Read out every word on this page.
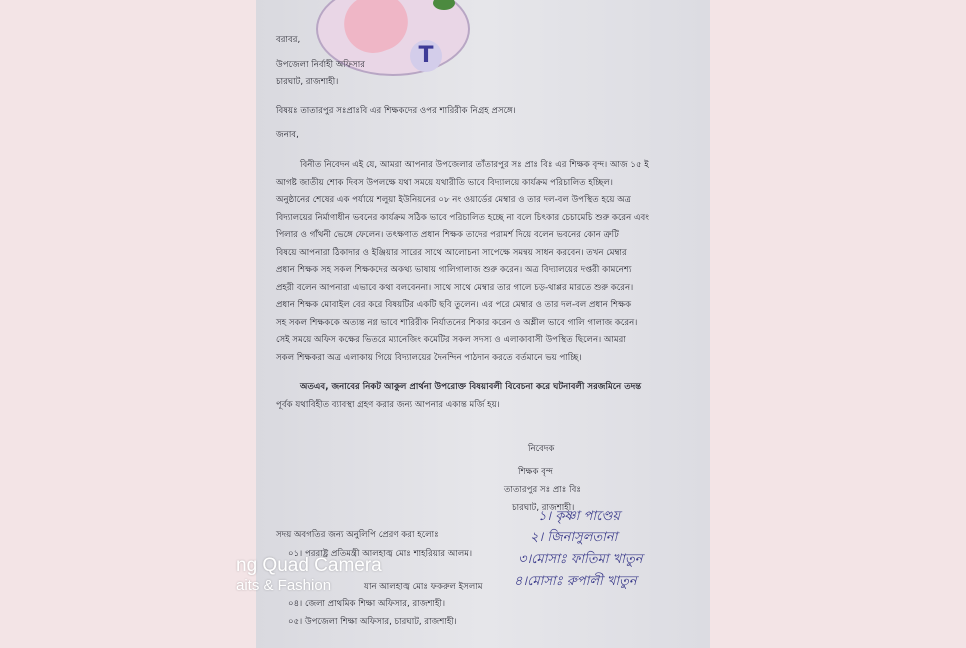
T
বরাবর,
উপজেলা নির্বাহী অফিসার
চারঘাট, রাজশাহী।
বিষয়ঃ তাতারপুর সঃপ্রাঃবি এর শিক্ষকদের ওপর শারিরীক নিগ্রহ প্রসঙ্গে।
জনাব,
বিনীত নিবেদন এই যে, আমরা আপনার উপজেলার তাঁতারপুর সঃ প্রাঃ বিঃ এর শিক্ষক বৃন্দ। আজ ১৫ ই
আগষ্ট জাতীয় শোক দিবস উপলক্ষে যথা সময়ে যথারীতি ভাবে বিদ্যালয়ে কার্যক্রম পরিচালিত হচ্ছিল।
অনুষ্ঠানের শেষের এক পর্যায়ে শলুয়া ইউনিয়নের ০৮ নং ওয়ার্ডের মেম্বার ও তার দল-বল উপস্থিত হয়ে অত্র
বিদ্যালয়ের নির্মাণাধীন ভবনের কার্যক্রম সঠিক ভাবে পরিচালিত হচ্ছে না বলে চিৎকার চেচামেচি শুরু করেন এবং
পিলার ও গাঁথনী ভেঙ্গে ফেলেন। তৎক্ষণাত প্রধান শিক্ষক তাদের পরামর্শ দিয়ে বলেন ভবনের কোন ত্রুটি
বিষয়ে আপনারা ঠিকাদার ও ইঞ্জিয়ার সারের সাথে আলোচনা সাপেক্ষে সমন্বয় সাধন করবেন। তখন মেম্বার
প্রধান শিক্ষক সহ সকল শিক্ষকদের অকথ্য ভাষায় গালিগালাজ শুরু করেন। অত্র বিদ্যালয়ের দপ্তরী কামনেশ্য
প্রহরী বলেন আপনারা এভাবে কথা বলবেননা। সাথে সাথে মেম্বার তার গালে চড়-থাপ্পর মারতে শুরু করেন।
প্রধান শিক্ষক মোবাইল বের করে বিষয়টির একটি ছবি তুলেন। এর পরে মেম্বার ও তার দল-বল প্রধান শিক্ষক
সহ সকল শিক্ষককে অত্যন্ত নগ্ন ভাবে শারিরীক নির্যাতনের শিকার করেন ও অশ্লীল ভাবে গালি গালাজ করেন।
সেই সময়ে অফিস কক্ষের ভিতরে ম্যানেজিং কমেটির সকল সদস্য ও এলাকাবাসী উপস্থিত ছিলেন। আমরা
সকল শিক্ষকরা অত্র এলাকায় গিয়ে বিদ্যালয়ের দৈনন্দিন পাঠদান করতে বর্তমানে ভয় পাচ্ছি।
অতএব, জনাবের নিকট আকুল প্রার্থনা উপরোক্ত বিষয়াবলী বিবেচনা করে ঘটনাবলী সরজমিনে তদন্ত
পূর্বক যথাবিহীত ব্যাবস্থা গ্রহণ করার জন্য আপনার একান্ত মর্জি হয়।
নিবেদক
শিক্ষক বৃন্দ
তাতারপুর সঃ প্রাঃ বিঃ
চারঘাট, রাজশাহী।
সদয় অবগতির জন্য অনুলিপি প্রেরণ করা হলোঃ
০১। পররাষ্ট্র প্রতিমন্ত্রী আলহাজ্ব মোঃ শাহরিয়ার আলম।
যান আলহাজ্ব মোঃ ফকরুল ইসলাম
০৪। জেলা প্রাথমিক শিক্ষা অফিসার, রাজশাহী।
০৫। উপজেলা শিক্ষা অফিসার, চারঘাট, রাজশাহী।
১। কৃষ্ণা পাণ্ডেয়
২। জিনাসুলতানা
৩।মোসাঃ ফাতিমা খাতুন
৪।মোসাঃ রুপালী খাতুন
ng Quad Camera
aits & Fashion
